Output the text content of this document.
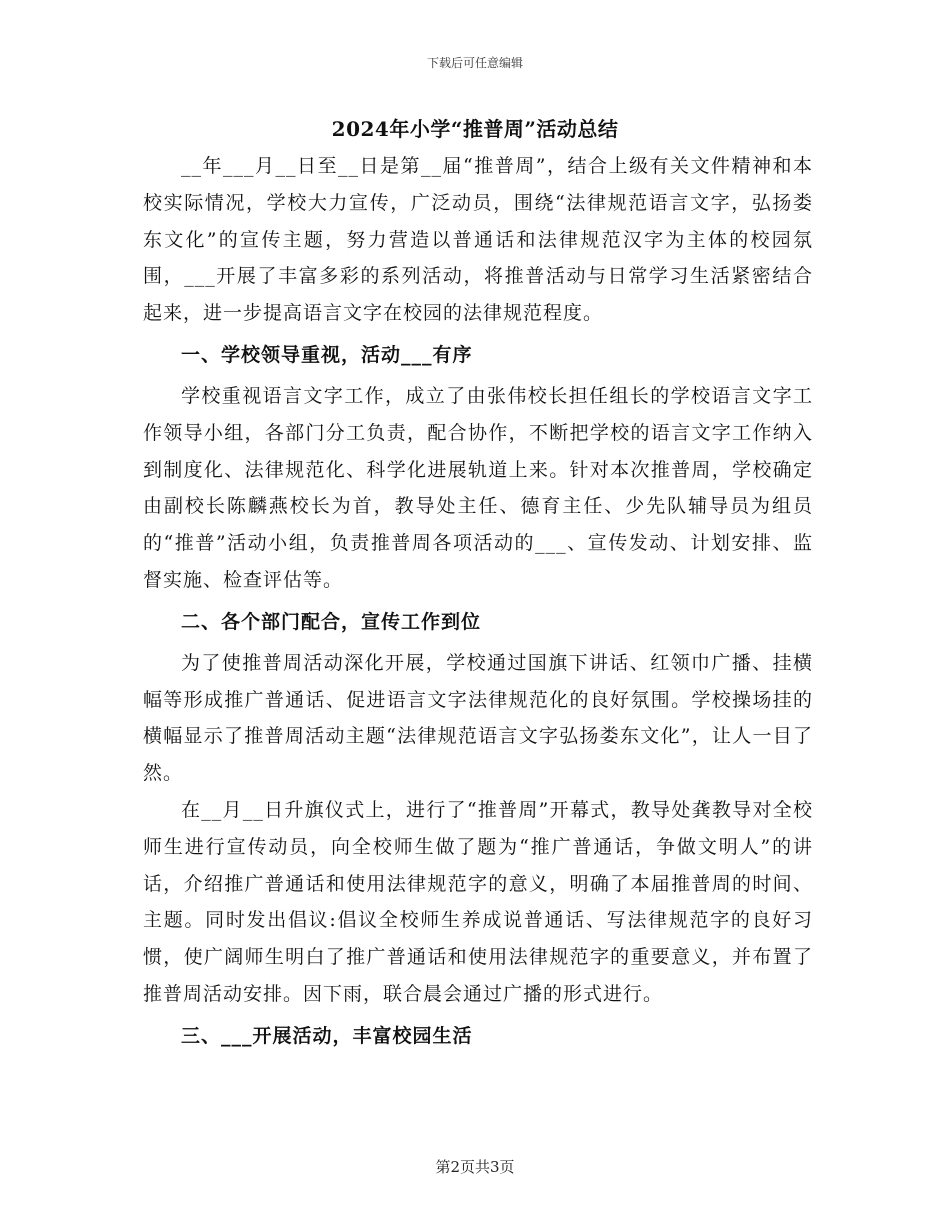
下载后可任意编辑
2024年小学“推普周”活动总结

__年___月__日至__日是第__届“推普周”，结合上级有关文件精神和本校实际情况，学校大力宣传，广泛动员，围绕“法律规范语言文字，弘扬娄东文化”的宣传主题，努力营造以普通话和法律规范汉字为主体的校园氛围，___开展了丰富多彩的系列活动，将推普活动与日常学习生活紧密结合起来，进一步提高语言文字在校园的法律规范程度。

一、学校领导重视，活动___有序

学校重视语言文字工作，成立了由张伟校长担任组长的学校语言文字工作领导小组，各部门分工负责，配合协作，不断把学校的语言文字工作纳入到制度化、法律规范化、科学化进展轨道上来。针对本次推普周，学校确定由副校长陈麟燕校长为首，教导处主任、德育主任、少先队辅导员为组员的“推普”活动小组，负责推普周各项活动的___、宣传发动、计划安排、监督实施、检查评估等。

二、各个部门配合，宣传工作到位

为了使推普周活动深化开展，学校通过国旗下讲话、红领巾广播、挂横幅等形成推广普通话、促进语言文字法律规范化的良好氛围。学校操场挂的横幅显示了推普周活动主题“法律规范语言文字弘扬娄东文化”，让人一目了然。

在__月__日升旗仪式上，进行了“推普周”开幕式，教导处龚教导对全校师生进行宣传动员，向全校师生做了题为“推广普通话，争做文明人”的讲话，介绍推广普通话和使用法律规范字的意义，明确了本届推普周的时间、主题。同时发出倡议:倡议全校师生养成说普通话、写法律规范字的良好习惯，使广阔师生明白了推广普通话和使用法律规范字的重要意义，并布置了推普周活动安排。因下雨，联合晨会通过广播的形式进行。

三、___开展活动，丰富校园生活
第2页共3页
